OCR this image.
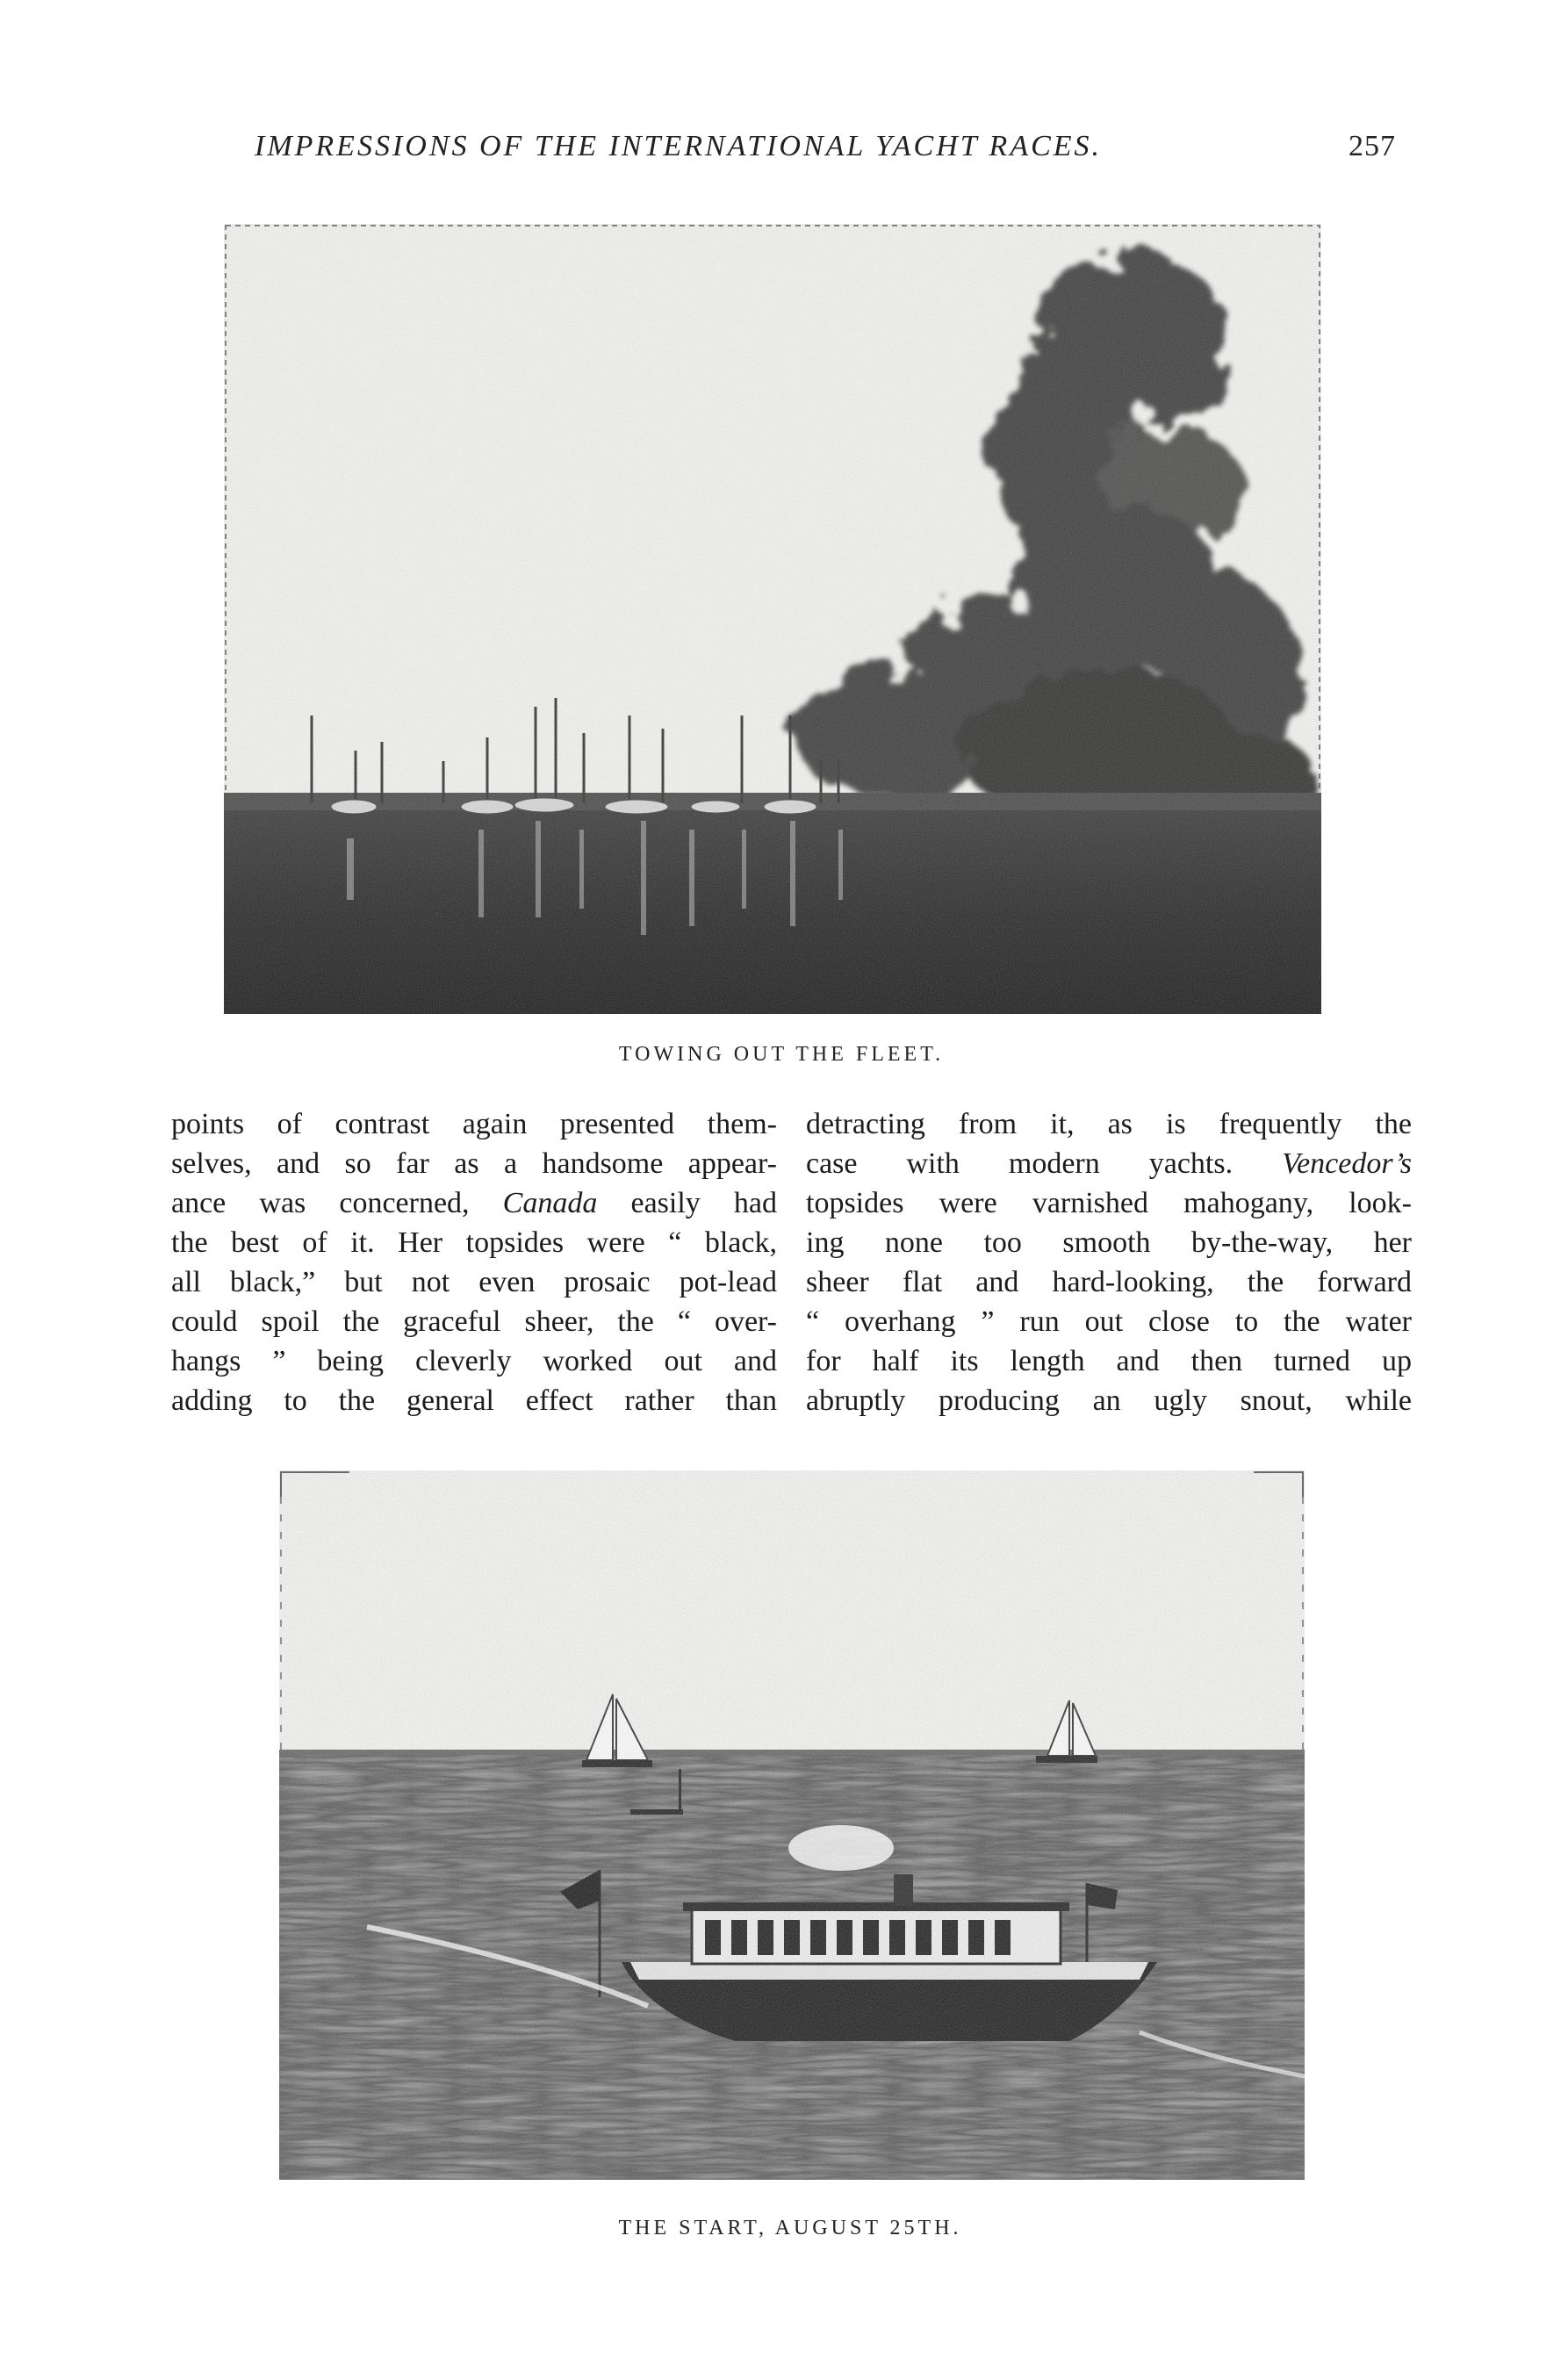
IMPRESSIONS OF THE INTERNATIONAL YACHT RACES.	257
TOWING OUT THE FLEET.
points of contrast again presented them-
selves, and so far as a handsome appear-
ance was concerned, Canada easily had
the best of it. Her topsides were “ black,
all black,” but not even prosaic pot-lead
could spoil the graceful sheer, the “ over-
hangs ” being cleverly worked out and
adding to the general effect rather than
detracting from it, as is frequently the
case with modern yachts. Vencedor’s
topsides were varnished mahogany, look-
ing none too smooth by-the-way, her
sheer flat and hard-looking, the forward
“ overhang ” run out close to the water
for half its length and then turned up
abruptly producing an ugly snout, while
THE START, AUGUST 25TH.
